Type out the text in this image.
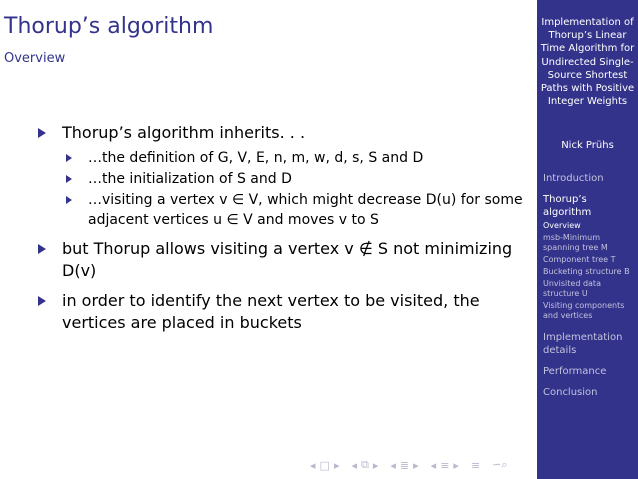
Thorup’s algorithm
Overview
Thorup’s algorithm inherits. . .
…the definition of G, V, E, n, m, w, d, s, S and D
…the initialization of S and D
…visiting a vertex v ∈ V, which might decrease D(u) for some adjacent vertices u ∈ V and moves v to S
but Thorup allows visiting a vertex v ∉ S not minimizing D(v)
in order to identify the next vertex to be visited, the vertices are placed in buckets
◂ □ ▸ ◂ ⧉ ▸ ◂ ≣ ▸ ◂ ≡ ▸ ≡ ∽⌕
Implementation of Thorup’s Linear Time Algorithm for Undirected Single-Source Shortest Paths with Positive Integer Weights
Nick Prühs
Introduction
Thorup’s algorithm
Overview
msb-Minimum spanning tree M
Component tree T
Bucketing structure B
Unvisited data structure U
Visiting components and vertices
Implementation details
Performance
Conclusion
